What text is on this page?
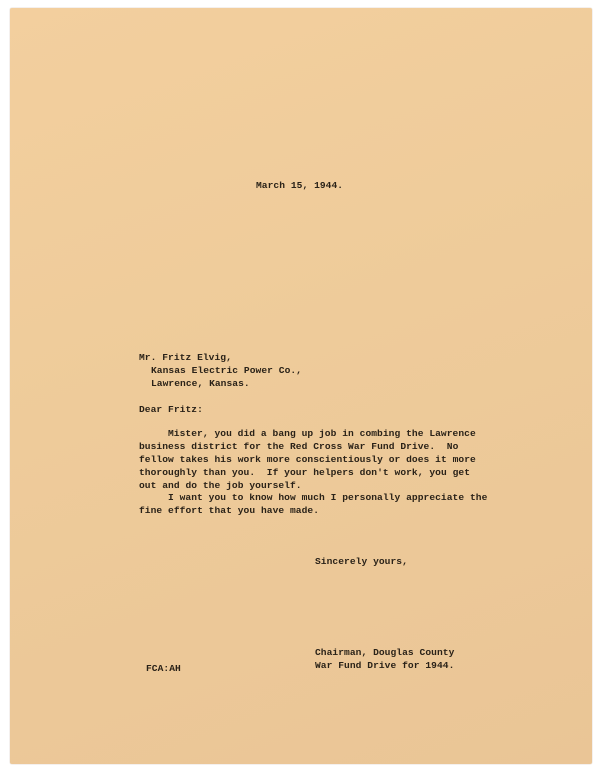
March 15, 1944.
Mr. Fritz Elvig,
Kansas Electric Power Co.,
Lawrence, Kansas.
Dear Fritz:
Mister, you did a bang up job in combing the Lawrence
business district for the Red Cross War Fund Drive.  No
fellow takes his work more conscientiously or does it more
thoroughly than you.  If your helpers don't work, you get
out and do the job yourself.
I want you to know how much I personally appreciate the
fine effort that you have made.
Sincerely yours,
Chairman, Douglas County
War Fund Drive for 1944.
FCA:AH
